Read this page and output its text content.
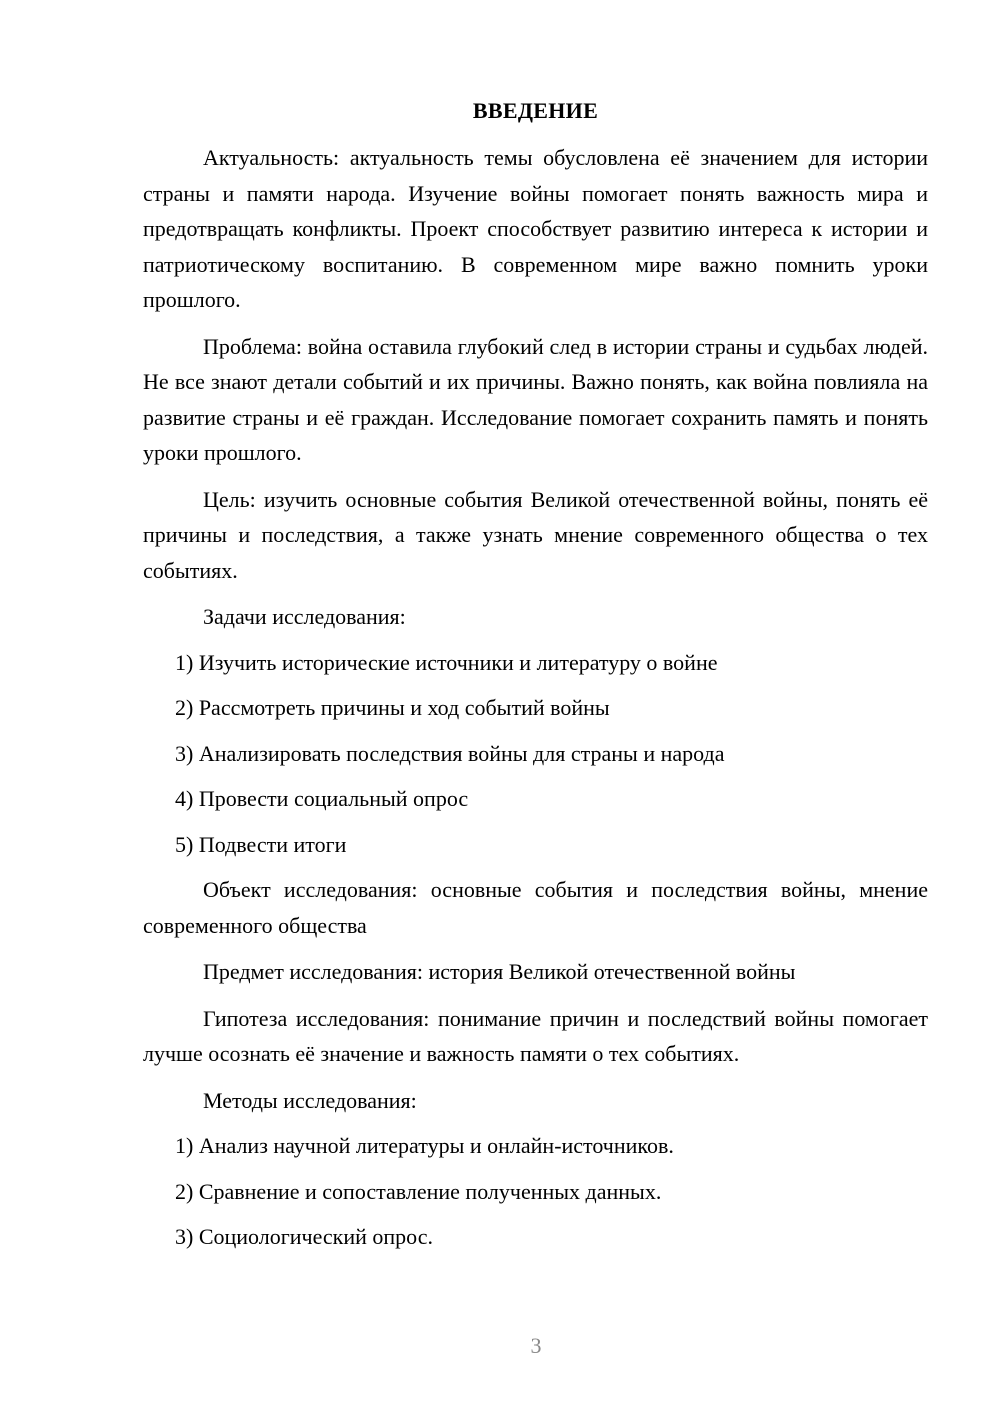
ВВЕДЕНИЕ

Актуальность: актуальность темы обусловлена её значением для истории страны и памяти народа. Изучение войны помогает понять важность мира и предотвращать конфликты. Проект способствует развитию интереса к истории и патриотическому воспитанию. В современном мире важно помнить уроки прошлого.

Проблема: война оставила глубокий след в истории страны и судьбах людей. Не все знают детали событий и их причины. Важно понять, как война повлияла на развитие страны и её граждан. Исследование помогает сохранить память и понять уроки прошлого.

Цель: изучить основные события Великой отечественной войны, понять её причины и последствия, а также узнать мнение современного общества о тех событиях.

Задачи исследования:

1) Изучить исторические источники и литературу о войне
2) Рассмотреть причины и ход событий войны
3) Анализировать последствия войны для страны и народа
4) Провести социальный опрос
5) Подвести итоги

Объект исследования: основные события и последствия войны, мнение современного общества

Предмет исследования: история Великой отечественной войны

Гипотеза исследования: понимание причин и последствий войны помогает лучше осознать её значение и важность памяти о тех событиях.

Методы исследования:

1) Анализ научной литературы и онлайн-источников.
2) Сравнение и сопоставление полученных данных.
3) Социологический опрос.
3
